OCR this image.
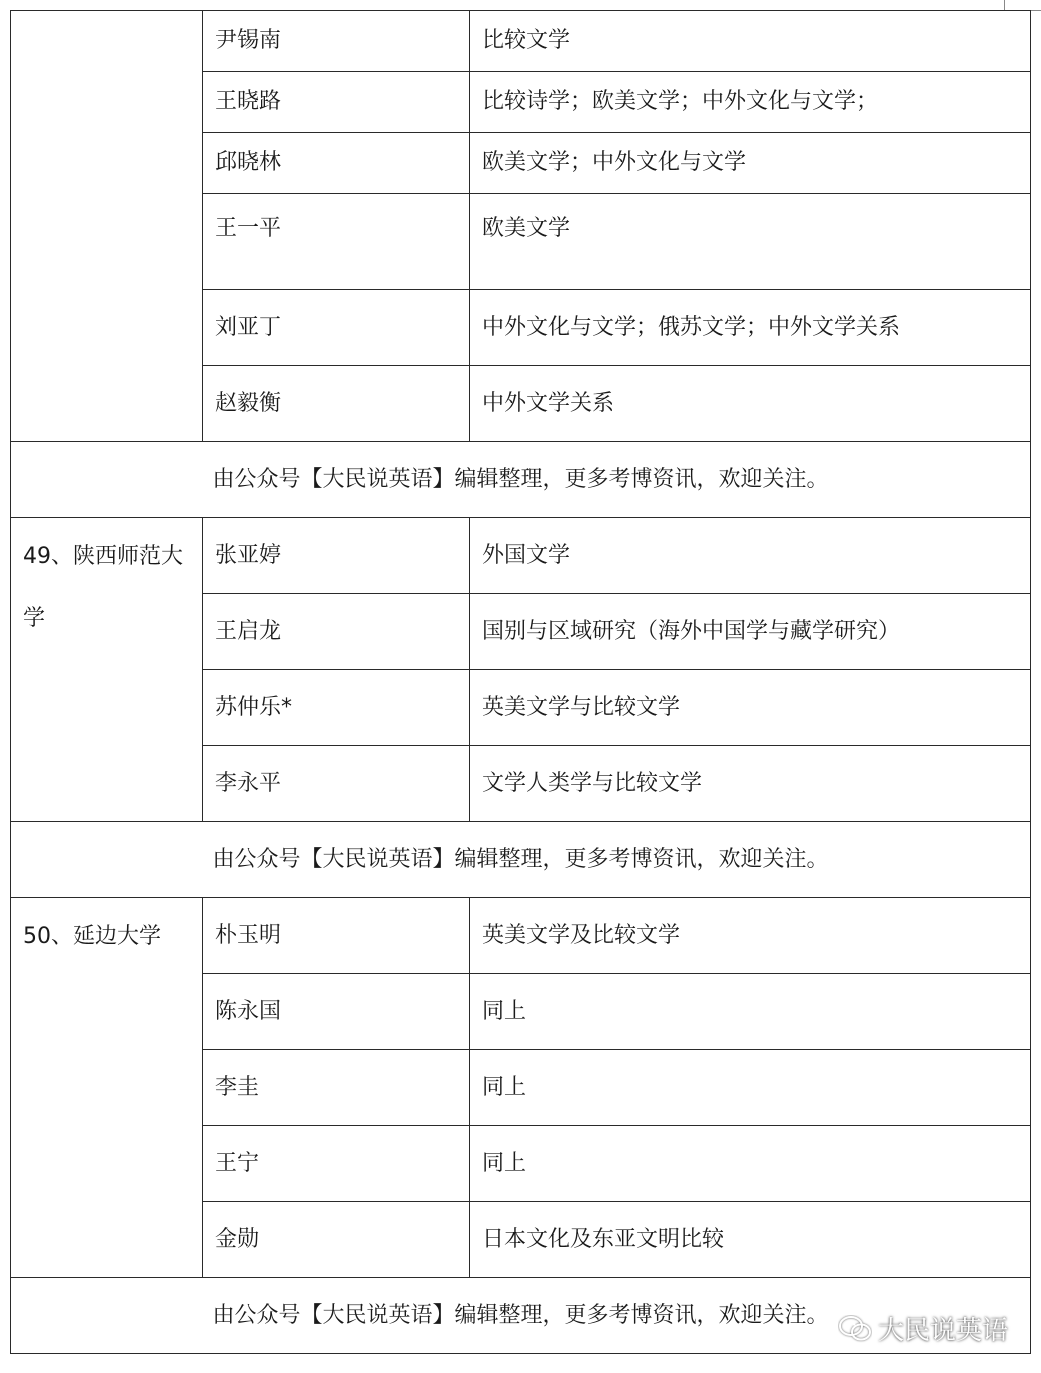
	尹锡南	比较文学
	王晓路	比较诗学；欧美文学；中外文化与文学；
	邱晓林	欧美文学；中外文化与文学
	王一平	欧美文学
	刘亚丁	中外文化与文学；俄苏文学；中外文学关系
	赵毅衡	中外文学关系
由公众号【大民说英语】编辑整理，更多考博资讯，欢迎关注。		
49、陕西师范大学	张亚婷	外国文学
	王启龙	国别与区域研究（海外中国学与藏学研究）
	苏仲乐*	英美文学与比较文学
	李永平	文学人类学与比较文学
由公众号【大民说英语】编辑整理，更多考博资讯，欢迎关注。		
50、延边大学	朴玉明	英美文学及比较文学
	陈永国	同上
	李圭	同上
	王宁	同上
	金勋	日本文化及东亚文明比较
由公众号【大民说英语】编辑整理，更多考博资讯，欢迎关注。		
大民说英语
